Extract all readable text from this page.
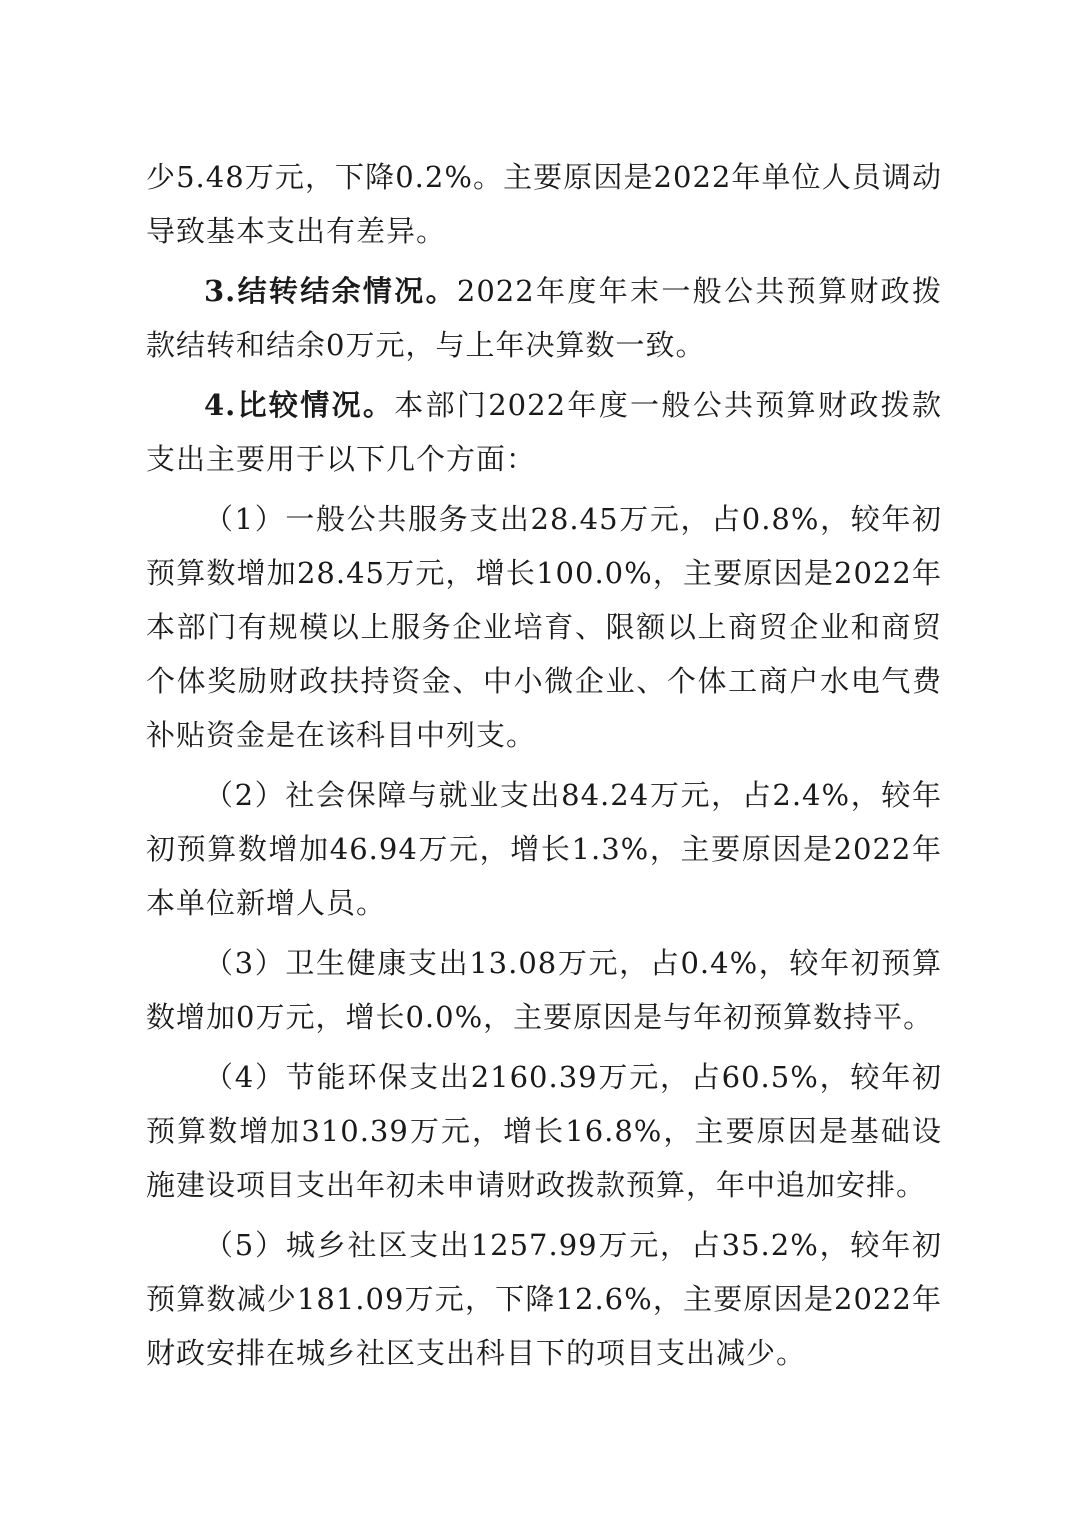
少5.48万元，下降0.2%。主要原因是2022年单位人员调动导致基本支出有差异。

3.结转结余情况。2022年度年末一般公共预算财政拨款结转和结余0万元，与上年决算数一致。

4.比较情况。本部门2022年度一般公共预算财政拨款支出主要用于以下几个方面：

（1）一般公共服务支出28.45万元，占0.8%，较年初预算数增加28.45万元，增长100.0%，主要原因是2022年本部门有规模以上服务企业培育、限额以上商贸企业和商贸个体奖励财政扶持资金、中小微企业、个体工商户水电气费补贴资金是在该科目中列支。

（2）社会保障与就业支出84.24万元，占2.4%，较年初预算数增加46.94万元，增长1.3%，主要原因是2022年本单位新增人员。

（3）卫生健康支出13.08万元，占0.4%，较年初预算数增加0万元，增长0.0%，主要原因是与年初预算数持平。

（4）节能环保支出2160.39万元，占60.5%，较年初预算数增加310.39万元，增长16.8%，主要原因是基础设施建设项目支出年初未申请财政拨款预算，年中追加安排。

（5）城乡社区支出1257.99万元，占35.2%，较年初预算数减少181.09万元，下降12.6%，主要原因是2022年财政安排在城乡社区支出科目下的项目支出减少。
